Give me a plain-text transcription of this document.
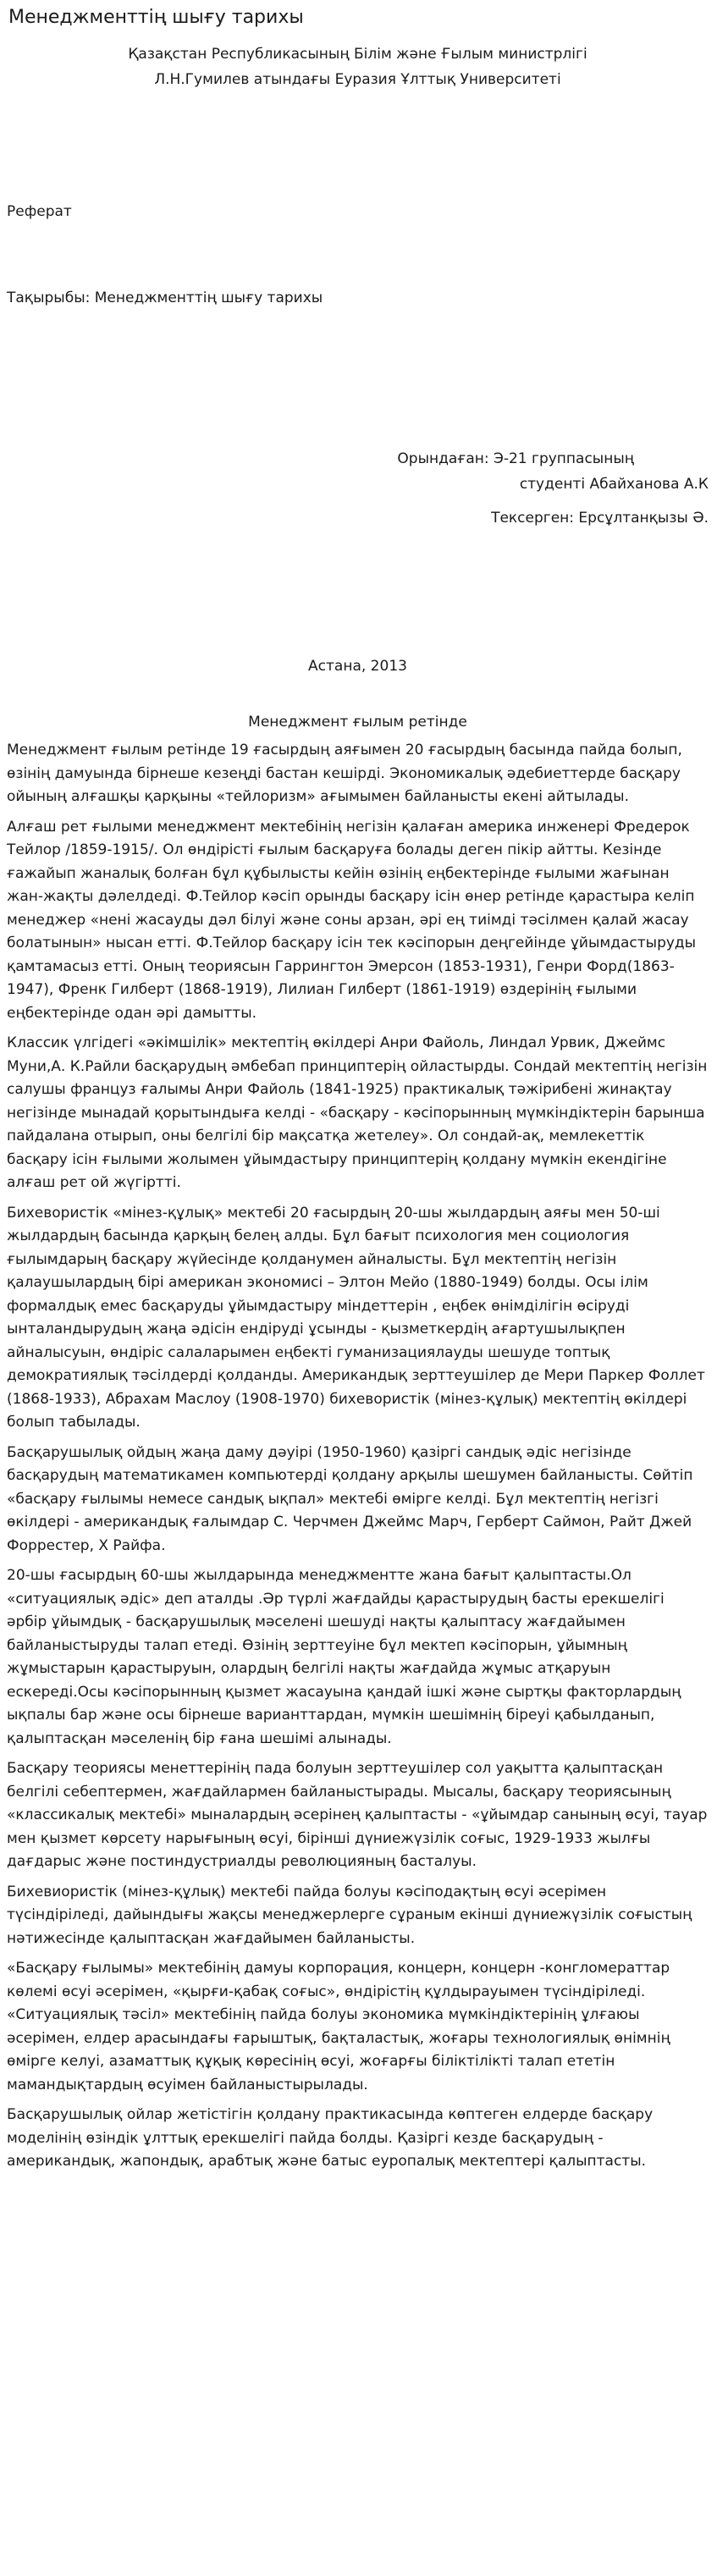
Менеджменттің шығу тарихы
Қазақстан Республикасының Білім және Ғылым министрлігі
Л.Н.Гумилев атындағы Еуразия Ұлттық Университеті
Реферат
Тақырыбы: Менеджменттің шығу тарихы
Орындаған: Э-21 группасының
студенті Абайханова А.К
Тексерген: Ерсұлтанқызы Ә.
Астана, 2013
Менеджмент ғылым ретінде

Менеджмент ғылым ретінде 19 ғасырдың аяғымен 20 ғасырдың басында пайда болып, өзінің дамуында бірнеше кезеңді бастан кешірді. Экономикалық әдебиеттерде басқару ойының алғашқы қарқыны «тейлоризм» ағымымен байланысты екені айтылады.

Алғаш рет ғылыми менеджмент мектебінің негізін қалаған америка инженері Фредерок Тейлор /1859-1915/. Ол өндірісті ғылым басқаруға болады деген пікір айтты. Кезінде ғажайып жаналық болған бұл құбылысты кейін өзінің еңбектерінде ғылыми жағынан жан-жақты дәлелдеді. Ф.Тейлор кәсіп орынды басқару ісін өнер ретінде қарастыра келіп менеджер «нені жасауды дәл білуі және соны арзан, әрі ең тиімді тәсілмен қалай жасау болатынын» нысан етті. Ф.Тейлор басқару ісін тек кәсіпорын деңгейінде ұйымдастыруды қамтамасыз етті. Оның теориясын Гаррингтон Эмерсон (1853-1931), Генри Форд(1863-1947), Френк Гилберт (1868-1919), Лилиан Гилберт (1861-1919) өздерінің ғылыми еңбектерінде одан әрі дамытты.

Классик үлгідегі «әкімшілік» мектептің өкілдері Анри Файоль, Линдал Урвик, Джеймс Муни,А. К.Райли басқарудың әмбебап принциптерің ойластырды. Сондай мектептің негізін салушы француз ғалымы Анри Файоль (1841-1925) практикалық тәжірибені жинақтау негізінде мынадай қорытындыға келді - «басқару - кәсіпорынның мүмкіндіктерін барынша пайдалана отырып, оны белгілі бір мақсатқа жетелеу». Ол сондай-ақ, мемлекеттік басқару ісін ғылыми жолымен ұйымдастыру принциптерің қолдану мүмкін екендігіне алғаш рет ой жүгіртті.

Бихевористік «мінез-құлық» мектебі 20 ғасырдың 20-шы жылдардың аяғы мен 50-ші жылдардың басында қарқың белең алды. Бұл бағыт психология мен социология ғылымдарың басқару жүйесінде қолданумен айналысты. Бұл мектептің негізін қалаушылардың бірі американ экономисі – Элтон Мейо (1880-1949) болды. Осы ілім формалдық емес басқаруды ұйымдастыру міндеттерін , еңбек өнімділігін өсіруді ынталандырудың жаңа әдісін ендіруді ұсынды - қызметкердің ағартушылықпен айналысуын, өндіріс салаларымен еңбекті гуманизациялауды шешуде топтық демократиялық тәсілдерді қолданды. Американдық зерттеушілер де Мери Паркер Фоллет (1868-1933), Абрахам Маслоу (1908-1970) бихевористік (мінез-құлық) мектептің өкілдері болып табылады.

Басқарушылық ойдың жаңа даму дәуірі (1950-1960) қазіргі сандық әдіс негізінде басқарудың математикамен компьютерді қолдану арқылы шешумен байланысты. Сөйтіп «басқару ғылымы немесе сандық ықпал» мектебі өмірге келді. Бұл мектептің негізгі өкілдері - американдық ғалымдар С. Черчмен Джеймс Марч, Герберт Саймон, Райт Джей Форрестер, Х Райфа.

20-шы ғасырдың 60-шы жылдарында менеджментте жана бағыт қалыптасты.Ол «ситуациялық әдіс» деп аталды .Әр түрлі жағдайды қарастырудың басты ерекшелігі әрбір ұйымдық - басқарушылық мәселені шешуді нақты қалыптасу жағдайымен байланыстыруды талап етеді. Өзінің зерттеуіне бұл мектеп кәсіпорын, ұйымның жұмыстарын қарастыруын, олардың белгілі нақты жағдайда жұмыс атқаруын ескереді.Осы кәсіпорынның қызмет жасауына қандай ішкі және сыртқы факторлардың ықпалы бар және осы бірнеше варианттардан, мүмкін шешімнің біреуі қабылданып, қалыптасқан мәселенің бір ғана шешімі алынады.

Басқару теориясы менеттерінің пада болуын зерттеушілер сол уақытта қалыптасқан белгілі себептермен, жағдайлармен байланыстырады. Мысалы, басқару теориясының «классикалық мектебі» мыналардың әсерінең қалыптасты - «ұйымдар санының өсуі, тауар мен қызмет көрсету нарығының өсуі, бірінші дүниежүзілік соғыс, 1929-1933 жылғы дағдарыс және постиндустриалды революцияның басталуы.

Бихевиористік (мінез-құлық) мектебі пайда болуы кәсіподақтың өсуі әсерімен түсіндіріледі, дайындығы жақсы менеджерлерге сұраным екінші дүниежүзілік соғыстың нәтижесінде қалыптасқан жағдайымен байланысты.

«Басқару ғылымы» мектебінің дамуы корпорация, концерн, концерн -конгломераттар көлемі өсуі әсерімен, «қырғи-қабақ соғыс», өндірістің құлдырауымен түсіндіріледі. «Ситуациялық тәсіл» мектебінің пайда болуы экономика мүмкіндіктерінің ұлғаюы әсерімен, елдер арасындағы ғарыштық, бақталастық, жоғары технологиялық өнімнің өмірге келуі, азаматтық құқық көресінің өсуі, жоғарғы біліктілікті талап ететін мамандықтардың өсуімен байланыстырылады.

Басқарушылық ойлар жетістігін қолдану практикасында көптеген елдерде басқару моделінің өзіндік ұлттық ерекшелігі пайда болды. Қазіргі кезде басқарудың - американдық, жапондық, арабтық және батыс еуропалық мектептері қалыптасты.
